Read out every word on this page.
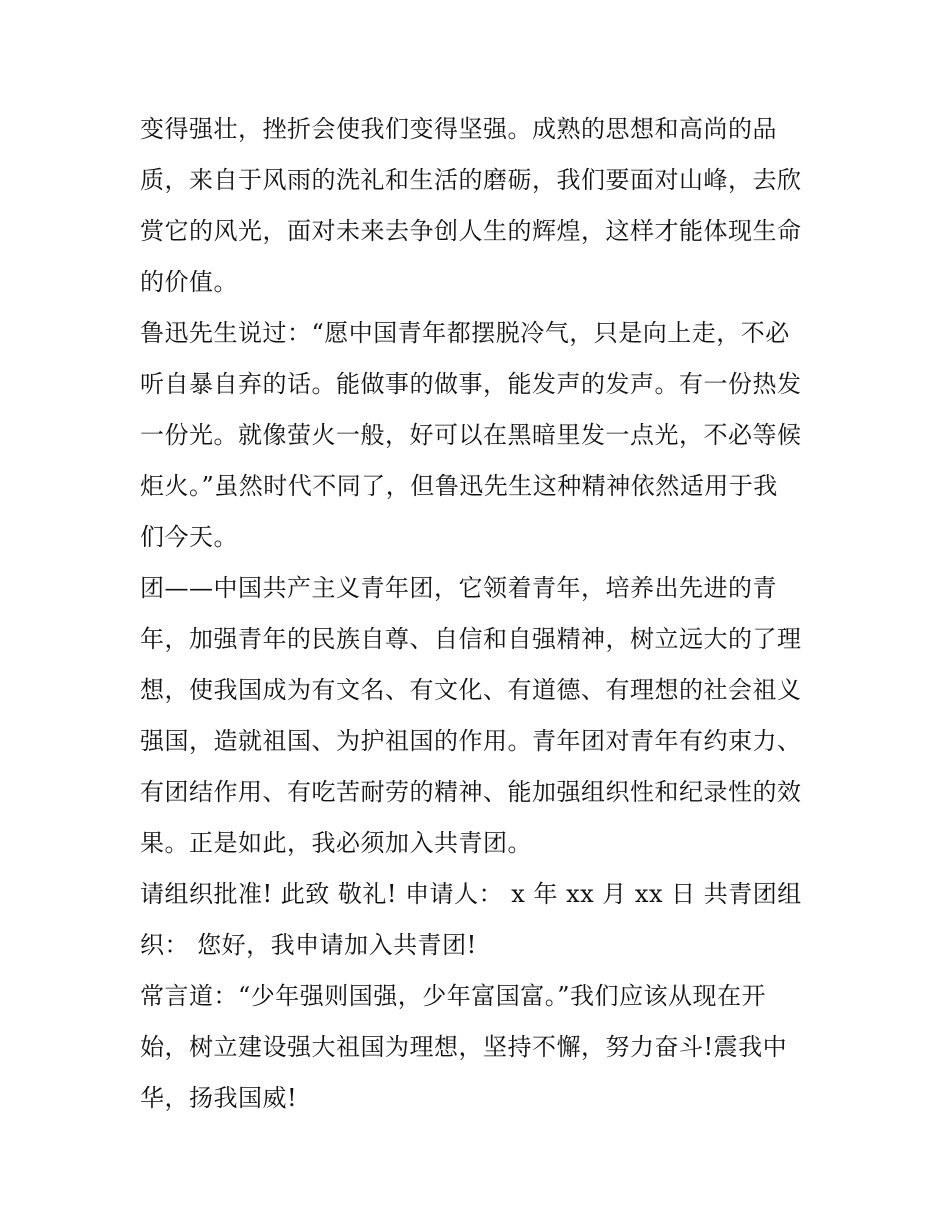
变得强壮，挫折会使我们变得坚强。成熟的思想和高尚的品
质，来自于风雨的洗礼和生活的磨砺，我们要面对山峰，去欣
赏它的风光，面对未来去争创人生的辉煌，这样才能体现生命
的价值。
鲁迅先生说过：“愿中国青年都摆脱冷气，只是向上走，不必
听自暴自弃的话。能做事的做事，能发声的发声。有一份热发
一份光。就像萤火一般，好可以在黑暗里发一点光，不必等候
炬火。”虽然时代不同了，但鲁迅先生这种精神依然适用于我
们今天。
团——中国共产主义青年团，它领着青年，培养出先进的青
年，加强青年的民族自尊、自信和自强精神，树立远大的了理
想，使我国成为有文名、有文化、有道德、有理想的社会祖义
强国，造就祖国、为护祖国的作用。青年团对青年有约束力、
有团结作用、有吃苦耐劳的精神、能加强组织性和纪录性的效
果。正是如此，我必须加入共青团。
请组织批准! 此致 敬礼! 申请人： x 年 xx 月 xx 日 共青团组
织： 您好，我申请加入共青团!
常言道：“少年强则国强，少年富国富。”我们应该从现在开
始，树立建设强大祖国为理想，坚持不懈，努力奋斗!震我中
华，扬我国威!
